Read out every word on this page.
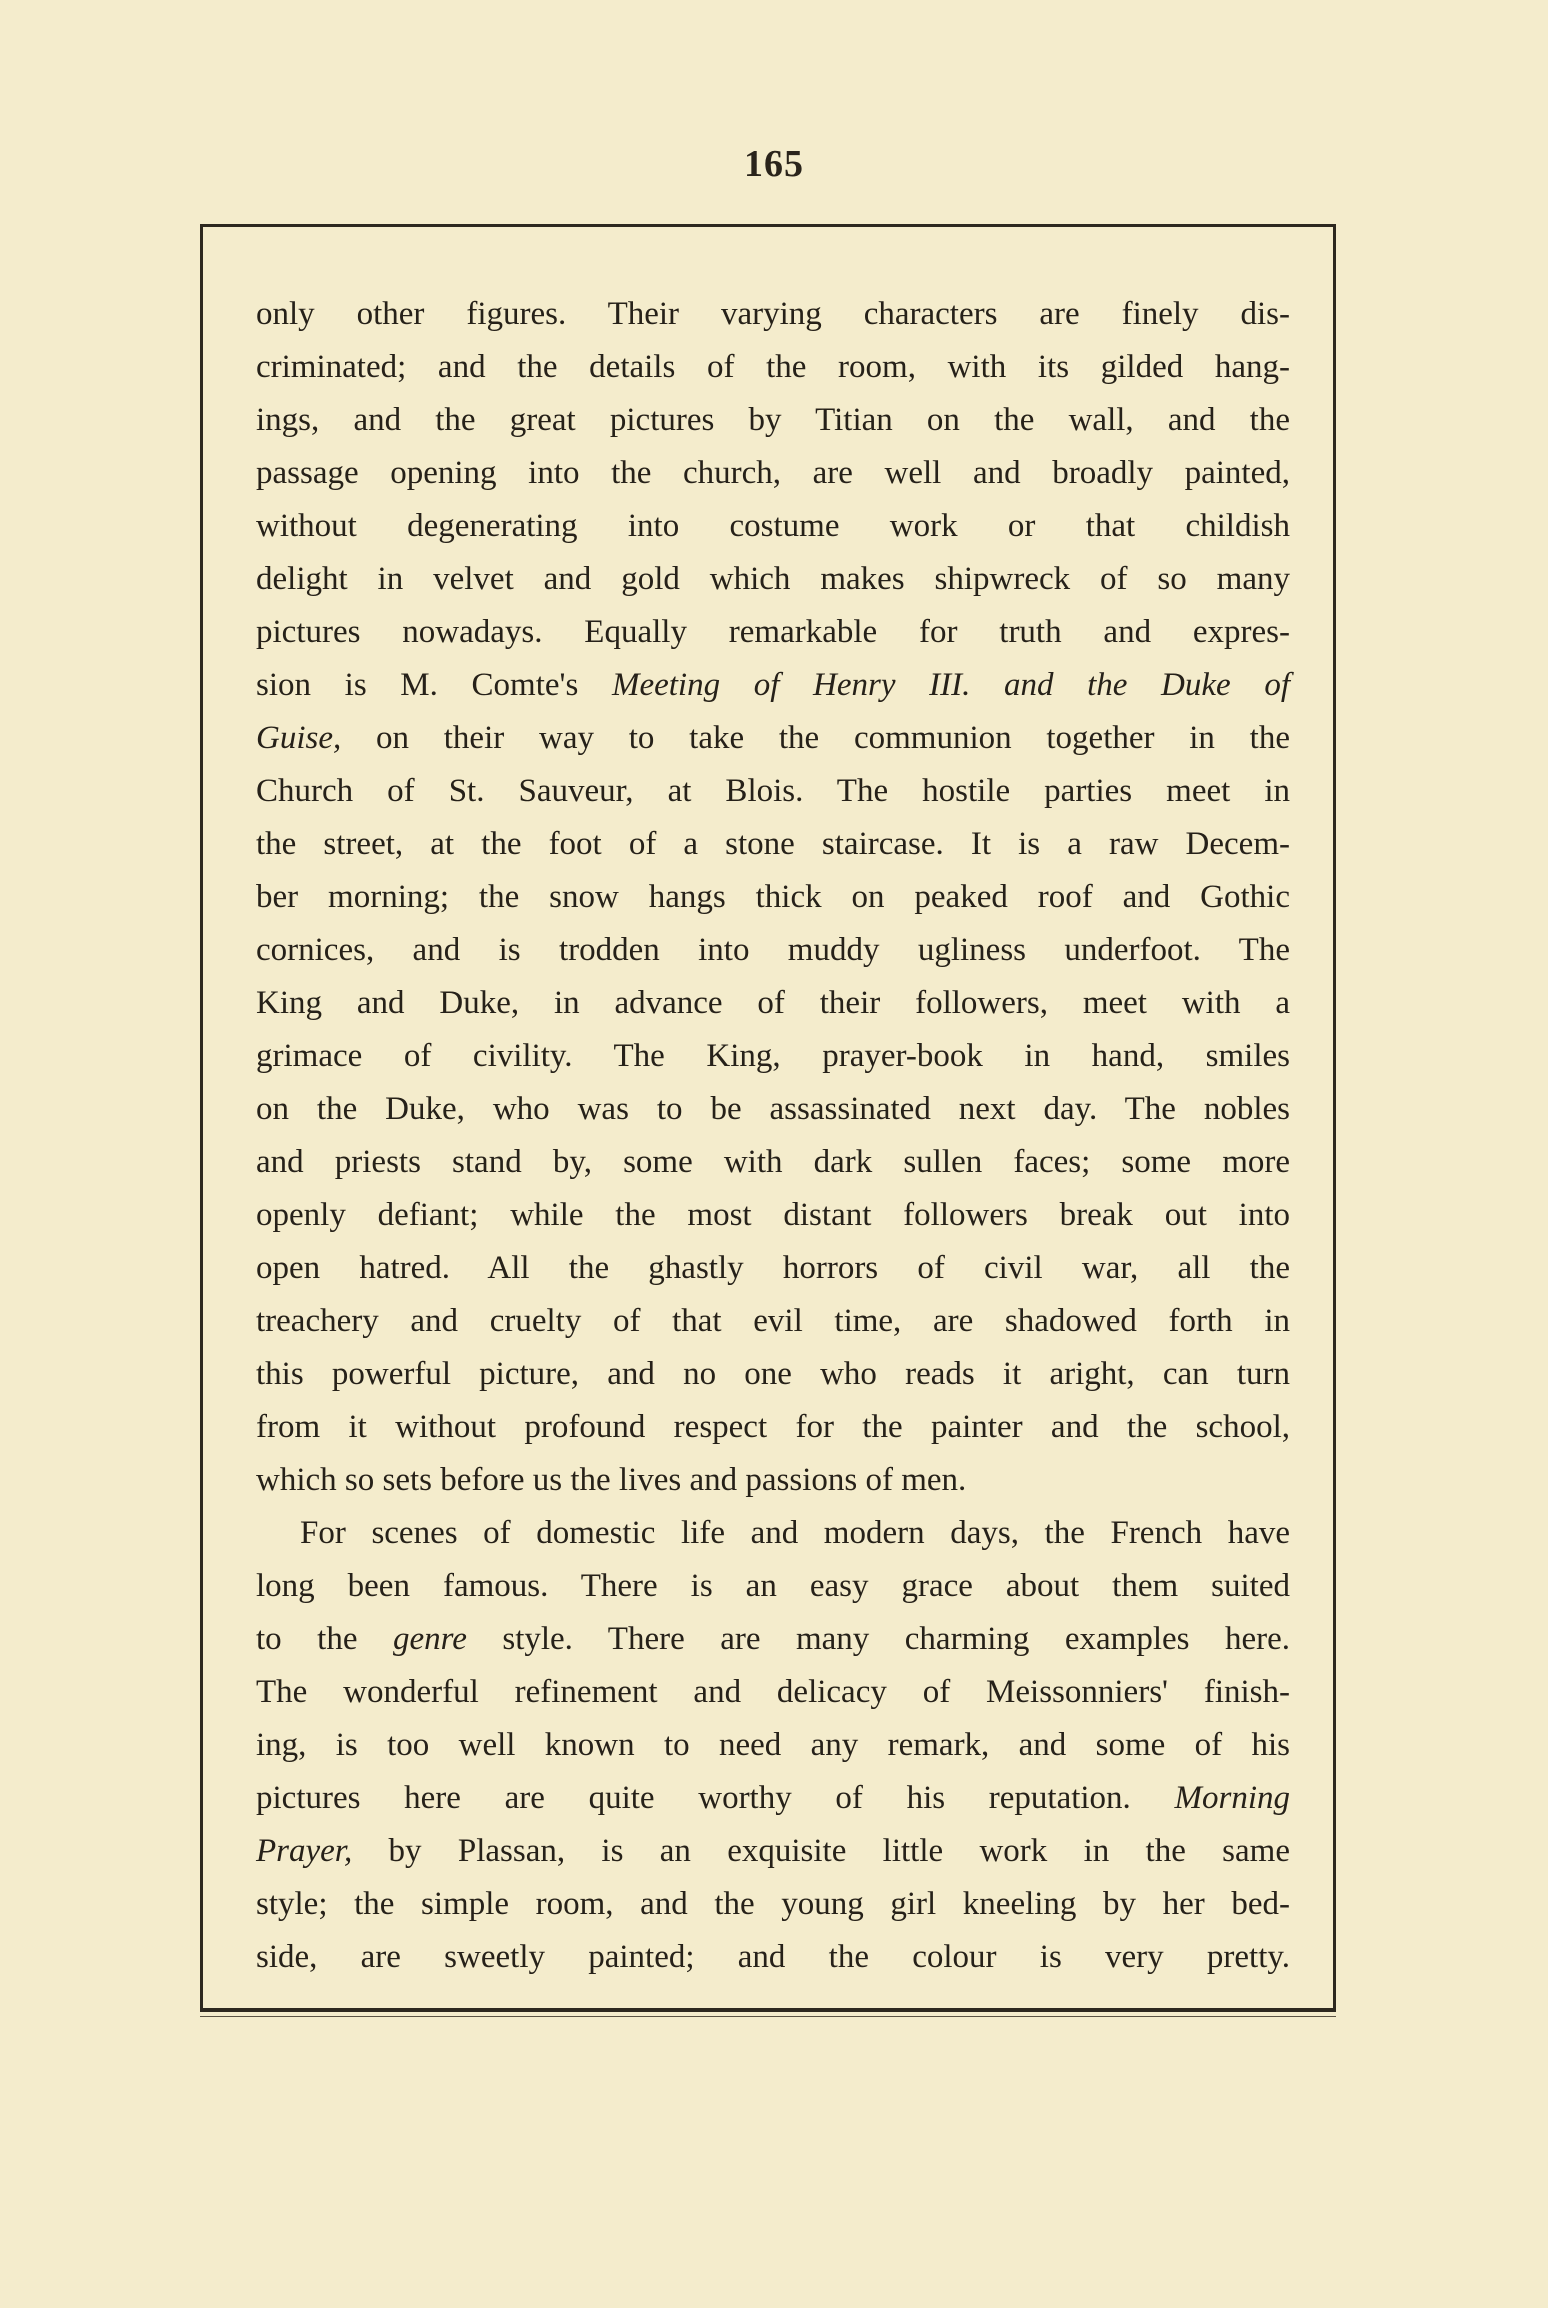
165
only other figures. Their varying characters are finely dis-
criminated; and the details of the room, with its gilded hang-
ings, and the great pictures by Titian on the wall, and the
passage opening into the church, are well and broadly painted,
without degenerating into costume work or that childish
delight in velvet and gold which makes shipwreck of so many
pictures nowadays. Equally remarkable for truth and expres-
sion is M. Comte's Meeting of Henry III. and the Duke of
Guise, on their way to take the communion together in the
Church of St. Sauveur, at Blois. The hostile parties meet in
the street, at the foot of a stone staircase. It is a raw Decem-
ber morning; the snow hangs thick on peaked roof and Gothic
cornices, and is trodden into muddy ugliness underfoot. The
King and Duke, in advance of their followers, meet with a
grimace of civility. The King, prayer-book in hand, smiles
on the Duke, who was to be assassinated next day. The nobles
and priests stand by, some with dark sullen faces; some more
openly defiant; while the most distant followers break out into
open hatred. All the ghastly horrors of civil war, all the
treachery and cruelty of that evil time, are shadowed forth in
this powerful picture, and no one who reads it aright, can turn
from it without profound respect for the painter and the school,
which so sets before us the lives and passions of men.
For scenes of domestic life and modern days, the French have
long been famous. There is an easy grace about them suited
to the genre style. There are many charming examples here.
The wonderful refinement and delicacy of Meissonniers' finish-
ing, is too well known to need any remark, and some of his
pictures here are quite worthy of his reputation. Morning
Prayer, by Plassan, is an exquisite little work in the same
style; the simple room, and the young girl kneeling by her bed-
side, are sweetly painted; and the colour is very pretty.
